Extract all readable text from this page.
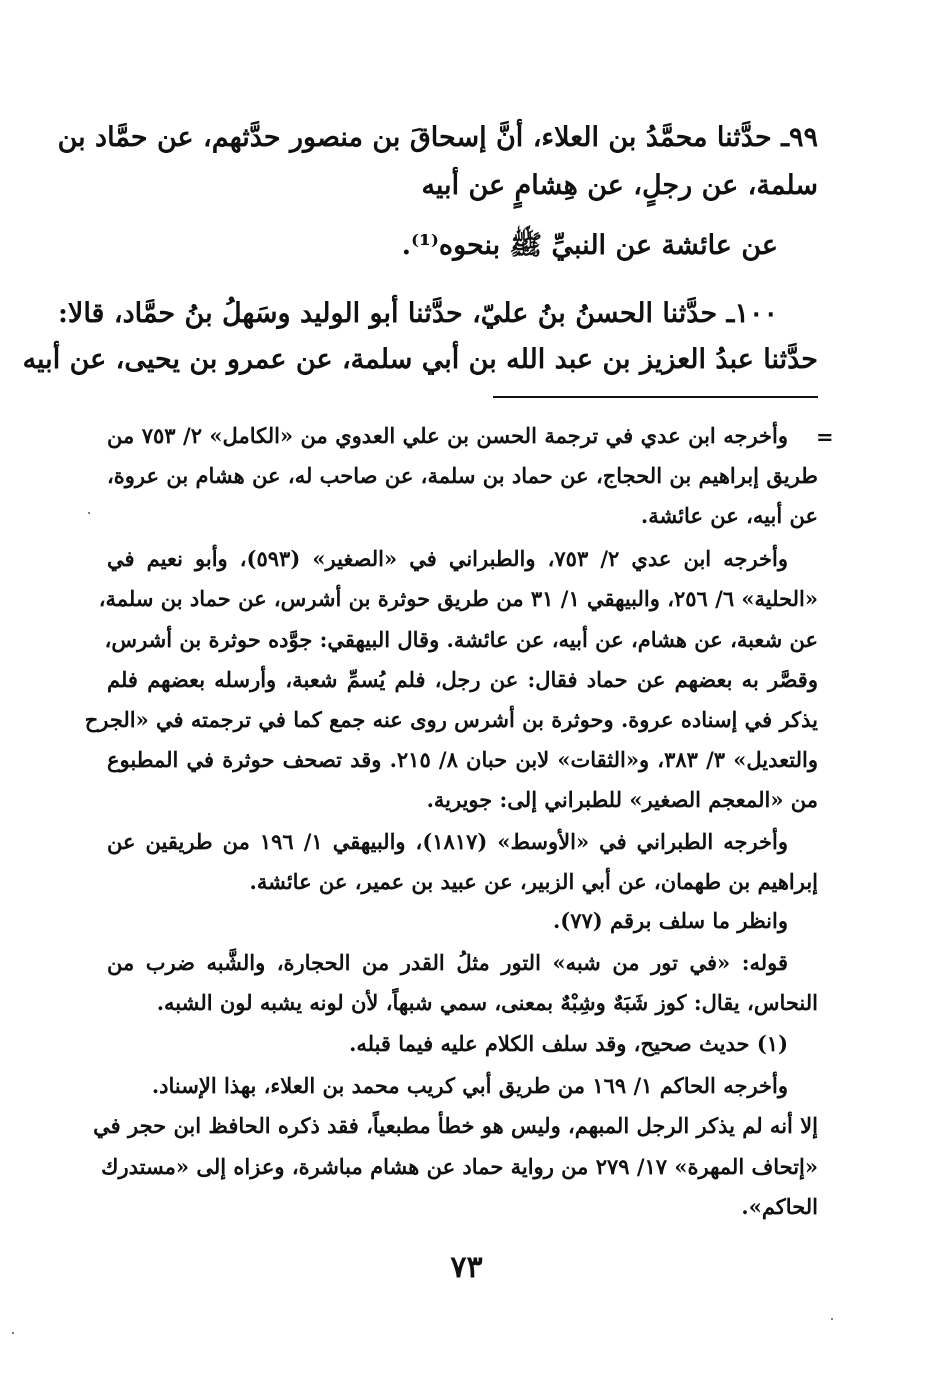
٩٩ـ حدَّثنا محمَّدُ بن العلاء، أنَّ إسحاقَ بن منصور حدَّثهم، عن حمَّاد بن
سلمة، عن رجلٍ، عن هِشامٍ عن أبيه
عن عائشة عن النبيِّ ﷺ بنحوه⁽¹⁾.
١٠٠ـ حدَّثنا الحسنُ بنُ عليّ، حدَّثنا أبو الوليد وسَهلُ بنُ حمَّاد، قالا:
حدَّثنا عبدُ العزيز بن عبد الله بن أبي سلمة، عن عمرو بن يحيى، عن أبيه
=
وأخرجه ابن عدي في ترجمة الحسن بن علي العدوي من «الكامل» ٢/ ٧٥٣ من
طريق إبراهيم بن الحجاج، عن حماد بن سلمة، عن صاحب له، عن هشام بن عروة،
عن أبيه، عن عائشة.
وأخرجه ابن عدي ٢/ ٧٥٣، والطبراني في «الصغير» (٥٩٣)، وأبو نعيم في
«الحلية» ٦/ ٢٥٦، والبيهقي ١/ ٣١ من طريق حوثرة بن أشرس، عن حماد بن سلمة،
عن شعبة، عن هشام، عن أبيه، عن عائشة. وقال البيهقي: جوَّده حوثرة بن أشرس،
وقصَّر به بعضهم عن حماد فقال: عن رجل، فلم يُسمِّ شعبة، وأرسله بعضهم فلم
يذكر في إسناده عروة. وحوثرة بن أشرس روى عنه جمع كما في ترجمته في «الجرح
والتعديل» ٣/ ٣٨٣، و«الثقات» لابن حبان ٨/ ٢١٥. وقد تصحف حوثرة في المطبوع
من «المعجم الصغير» للطبراني إلى: جويرية.
وأخرجه الطبراني في «الأوسط» (١٨١٧)، والبيهقي ١/ ١٩٦ من طريقين عن
إبراهيم بن طهمان، عن أبي الزبير، عن عبيد بن عمير، عن عائشة.
وانظر ما سلف برقم (٧٧).
قوله: «في تور من شبه» التور مثلُ القدر من الحجارة، والشَّبه ضرب من
النحاس، يقال: كوز شَبَهٌ وشِبْهٌ بمعنى، سمي شبهاً، لأن لونه يشبه لون الشبه.
(١) حديث صحيح، وقد سلف الكلام عليه فيما قبله.
وأخرجه الحاكم ١/ ١٦٩ من طريق أبي كريب محمد بن العلاء، بهذا الإسناد.
إلا أنه لم يذكر الرجل المبهم، وليس هو خطأ مطبعياً، فقد ذكره الحافظ ابن حجر في
«إتحاف المهرة» ١٧/ ٢٧٩ من رواية حماد عن هشام مباشرة، وعزاه إلى «مستدرك
الحاكم».
٧٣
